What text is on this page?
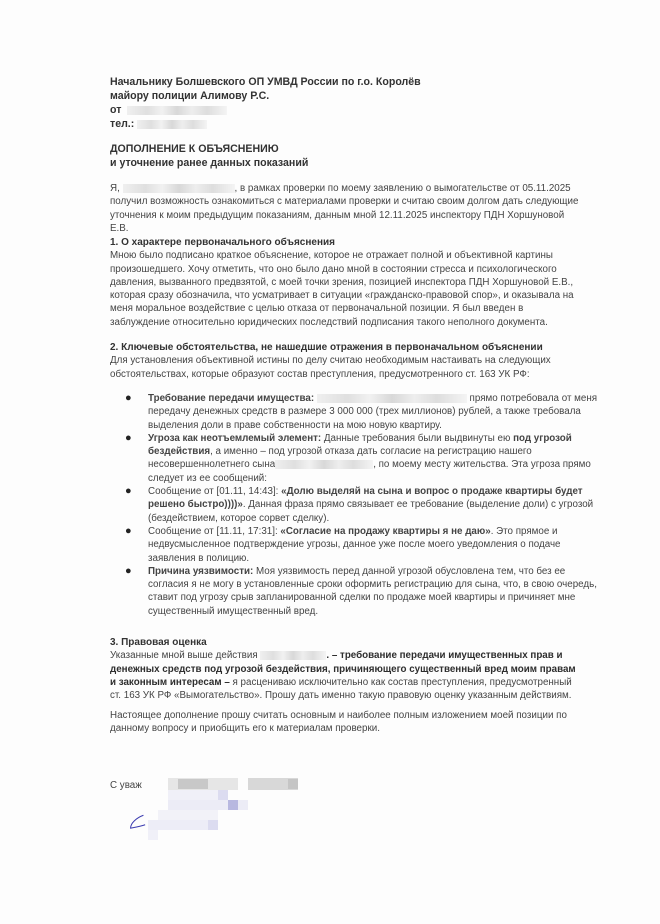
Начальнику Болшевского ОП УМВД России по г.о. Королёв
майору полиции Алимову Р.С.
от
тел.:
ДОПОЛНЕНИЕ К ОБЪЯСНЕНИЮ
и уточнение ранее данных показаний
Я,	, в рамках проверки по моему заявлению о вымогательстве от 05.11.2025 получил возможность ознакомиться с материалами проверки и считаю своим долгом дать следующие уточнения к моим предыдущим показаниям, данным мной 12.11.2025 инспектору ПДН Хоршуновой Е.В.
1. О характере первоначального объяснения
Мною было подписано краткое объяснение, которое не отражает полной и объективной картины произошедшего. Хочу отметить, что оно было дано мной в состоянии стресса и психологического давления, вызванного предвзятой, с моей точки зрения, позицией инспектора ПДН Хоршуновой Е.В., которая сразу обозначила, что усматривает в ситуации «гражданско-правовой спор», и оказывала на меня моральное воздействие с целью отказа от первоначальной позиции. Я был введен в заблуждение относительно юридических последствий подписания такого неполного документа.
2. Ключевые обстоятельства, не нашедшие отражения в первоначальном объяснении
Для установления объективной истины по делу считаю необходимым настаивать на следующих обстоятельствах, которые образуют состав преступления, предусмотренного ст. 163 УК РФ:
● Требование передачи имущества:	прямо потребовала от меня передачу денежных средств в размере 3 000 000 (трех миллионов) рублей, а также требовала выделения доли в праве собственности на мою новую квартиру.
● Угроза как неотъемлемый элемент: Данные требования были выдвинуты ею под угрозой бездействия, а именно – под угрозой отказа дать согласие на регистрацию нашего несовершеннолетнего сына	, по моему месту жительства. Эта угроза прямо следует из ее сообщений:
● Сообщение от [01.11, 14:43]: «Долю выделяй на сына и вопрос о продаже квартиры будет решено быстро))))». Данная фраза прямо связывает ее требование (выделение доли) с угрозой (бездействием, которое сорвет сделку).
● Сообщение от [11.11, 17:31]: «Согласие на продажу квартиры я не даю». Это прямое и недвусмысленное подтверждение угрозы, данное уже после моего уведомления о подаче заявления в полицию.
● Причина уязвимости: Моя уязвимость перед данной угрозой обусловлена тем, что без ее согласия я не могу в установленные сроки оформить регистрацию для сына, что, в свою очередь, ставит под угрозу срыв запланированной сделки по продаже моей квартиры и причиняет мне существенный имущественный вред.
3. Правовая оценка
Указанные мной выше действия	. – требование передачи имущественных прав и денежных средств под угрозой бездействия, причиняющего существенный вред моим правам и законным интересам – я расцениваю исключительно как состав преступления, предусмотренный ст. 163 УК РФ «Вымогательство». Прошу дать именно такую правовую оценку указанным действиям.
Настоящее дополнение прошу считать основным и наиболее полным изложением моей позиции по данному вопросу и приобщить его к материалам проверки.
С уваж
